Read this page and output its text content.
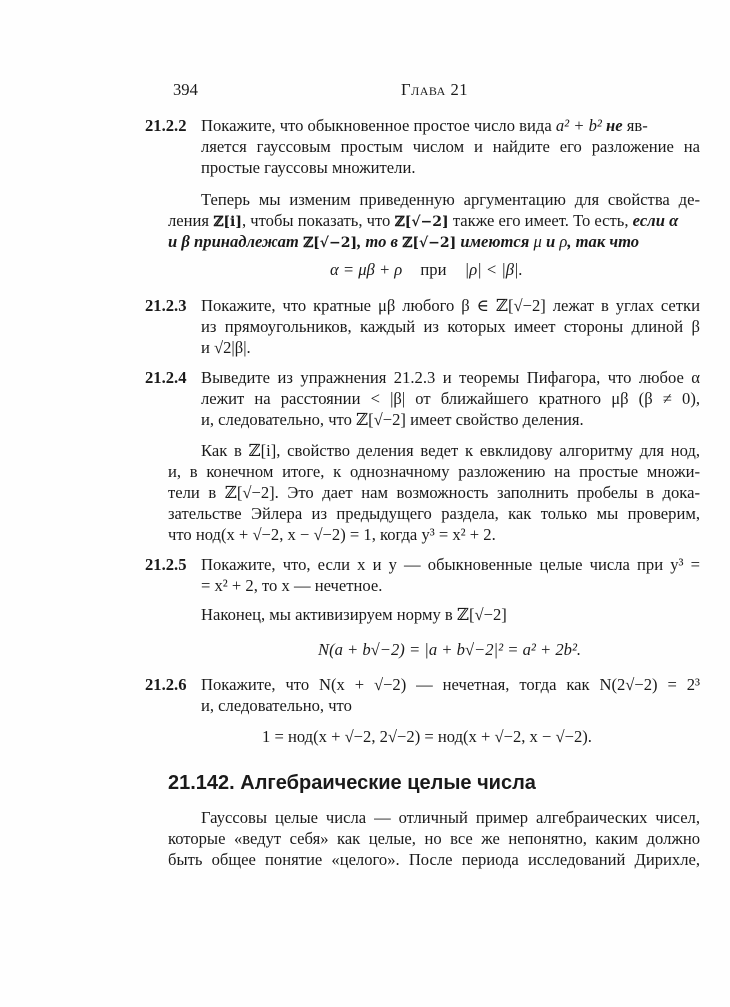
394	Глава 21
21.2.2 Покажите, что обыкновенное простое число вида a² + b² не яв-
ляется гауссовым простым числом и найдите его разложение на
простые гауссовы множители.
Теперь мы изменим приведенную аргументацию для свойства де-
ления ℤ[i], чтобы показать, что ℤ[√−2] также его имеет. То есть, если α
и β принадлежат ℤ[√−2], то в ℤ[√−2] имеются μ и ρ, так что
α = μβ + ρ при |ρ| < |β|.
21.2.3 Покажите, что кратные μβ любого β ∈ ℤ[√−2] лежат в углах сетки
из прямоугольников, каждый из которых имеет стороны длиной β
и √2|β|.
21.2.4 Выведите из упражнения 21.2.3 и теоремы Пифагора, что любое α
лежит на расстоянии < |β| от ближайшего кратного μβ (β ≠ 0),
и, следовательно, что ℤ[√−2] имеет свойство деления.
Как в ℤ[i], свойство деления ведет к евклидову алгоритму для нод,
и, в конечном итоге, к однозначному разложению на простые множи-
тели в ℤ[√−2]. Это дает нам возможность заполнить пробелы в дока-
зательстве Эйлера из предыдущего раздела, как только мы проверим,
что нод(x + √−2, x − √−2) = 1, когда y³ = x² + 2.
21.2.5 Покажите, что, если x и y — обыкновенные целые числа при y³ =
= x² + 2, то x — нечетное.
Наконец, мы активизируем норму в ℤ[√−2]
N(a + b√−2) = |a + b√−2|² = a² + 2b².
21.2.6 Покажите, что N(x + √−2) — нечетная, тогда как N(2√−2) = 2³
и, следовательно, что
1 = нод(x + √−2, 2√−2) = нод(x + √−2, x − √−2).
21.142. Алгебраические целые числа
Гауссовы целые числа — отличный пример алгебраических чисел,
которые «ведут себя» как целые, но все же непонятно, каким должно
быть общее понятие «целого». После периода исследований Дирихле,
